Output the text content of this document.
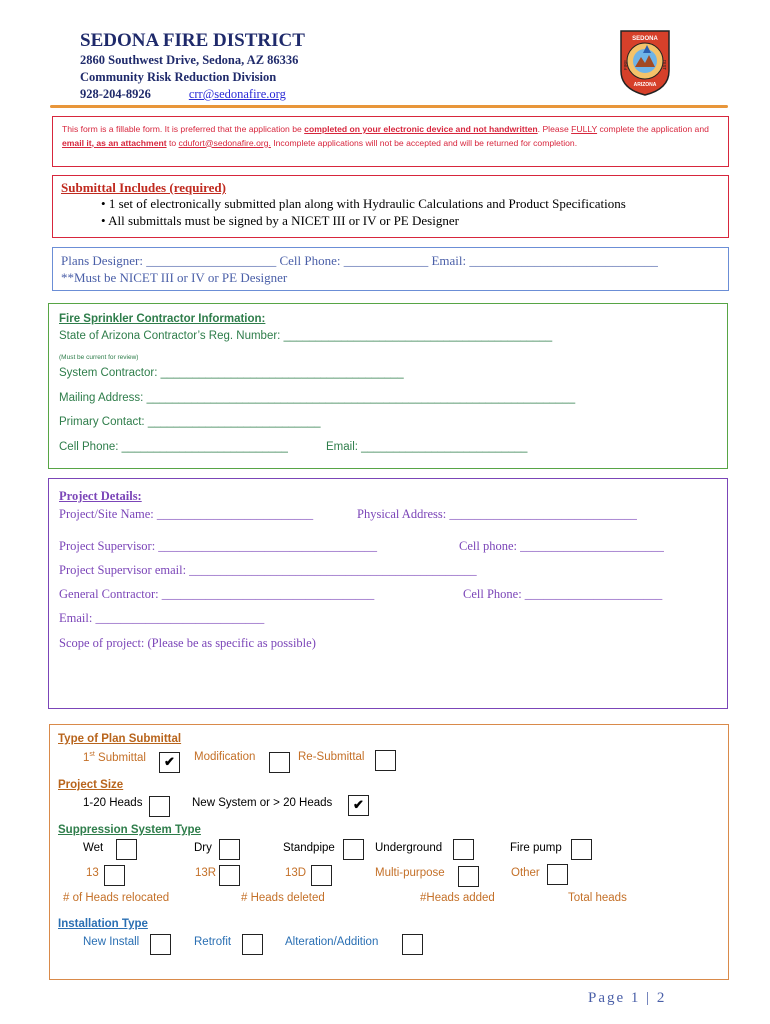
SEDONA FIRE DISTRICT
2860 Southwest Drive, Sedona, AZ 86336
Community Risk Reduction Division
928-204-8926	crr@sedonafire.org
SEDONA
FIRE	DIST
ARIZONA
This form is a fillable form. It is preferred that the application be completed on your electronic device and not handwritten. Please FULLY complete the application and email it, as an attachment to cdufort@sedonafire.org. Incomplete applications will not be accepted and will be returned for completion.
Submittal Includes (required)
• 1 set of electronically submitted plan along with Hydraulic Calculations and Product Specifications
• All submittals must be signed by a NICET III or IV or PE Designer
Plans Designer: ____________________ Cell Phone: _____________ Email: _____________________________
**Must be NICET III or IV or PE Designer
Fire Sprinkler Contractor Information:
State of Arizona Contractor’s Reg. Number: __________________________________________
(Must be current for review)
System Contractor: ______________________________________
Mailing Address: ___________________________________________________________________
Primary Contact: ___________________________
Cell Phone: __________________________	Email: __________________________
Project Details:
Project/Site Name: _________________________	Physical Address: ______________________________
Project Supervisor: ___________________________________	Cell phone: _______________________
Project Supervisor email: ______________________________________________
General Contractor: __________________________________	Cell Phone: ______________________
Email: ___________________________
Scope of project: (Please be as specific as possible)
Type of Plan Submittal
1st Submittal	✔	Modification	Re-Submittal
Project Size
1-20 Heads	New System or > 20 Heads	✔
Suppression System Type
Wet	Dry	Standpipe	Underground	Fire pump
13	13R	13D	Multi-purpose	Other
# of Heads relocated	# Heads deleted	#Heads added	Total heads
Installation Type
New Install	Retrofit	Alteration/Addition
Page 1 | 2
